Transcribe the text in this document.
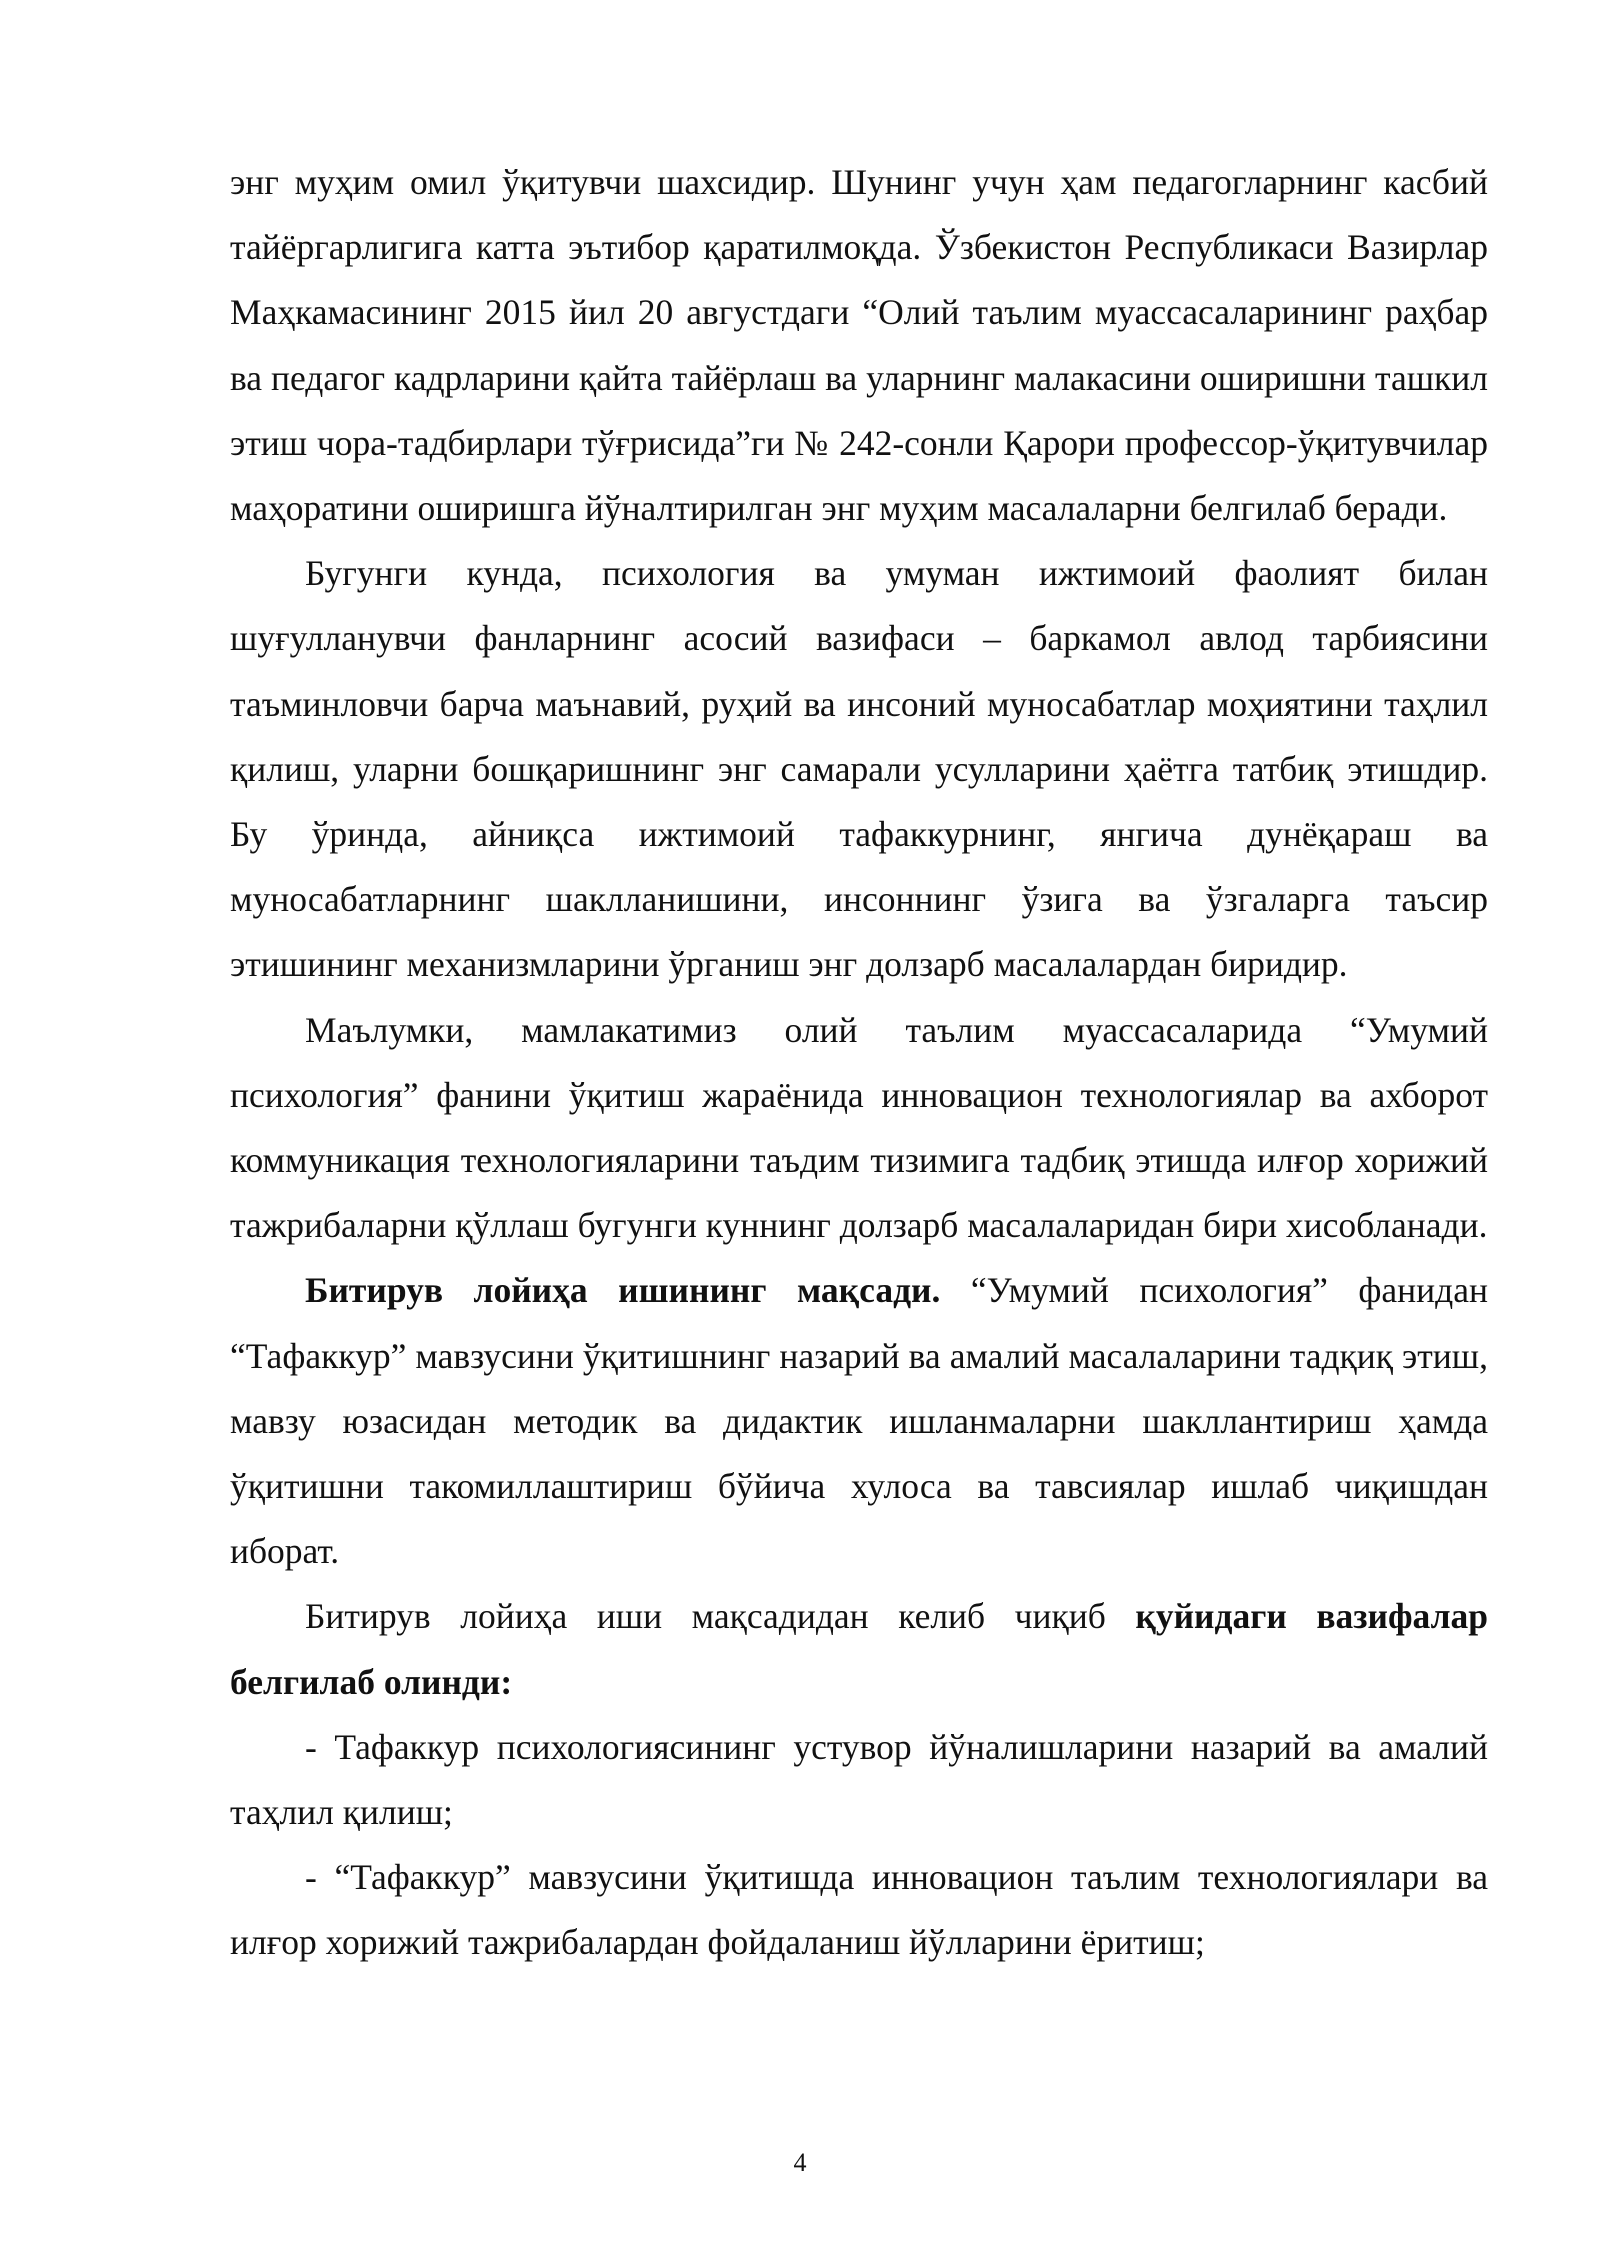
энг муҳим омил ўқитувчи шахсидир. Шунинг учун ҳам педагогларнинг касбий тайёргарлигига катта эътибор қаратилмоқда. Ўзбекистон Республикаси Вазирлар Маҳкамасининг 2015 йил 20 августдаги “Олий таълим муассасаларининг раҳбар ва педагог кадрларини қайта тайёрлаш ва уларнинг малакасини оширишни ташкил этиш чора-тадбирлари тўғрисида”ги № 242-сонли Қарори профессор-ўқитувчилар маҳоратини оширишга йўналтирилган энг муҳим масалаларни белгилаб беради.

Бугунги кунда, психология ва умуман ижтимоий фаолият билан шуғулланувчи фанларнинг асосий вазифаси – баркамол авлод тарбиясини таъминловчи барча маънавий, руҳий ва инсоний муносабатлар моҳиятини таҳлил қилиш, уларни бошқаришнинг энг самарали усулларини ҳаётга татбиқ этишдир. Бу ўринда, айниқса ижтимоий тафаккурнинг, янгича дунёқараш ва муносабатларнинг шаклланишини, инсоннинг ўзига ва ўзгаларга таъсир этишининг механизмларини ўрганиш энг долзарб масалалардан биридир.

Маълумки, мамлакатимиз олий таълим муассасаларида “Умумий психология” фанини ўқитиш жараёнида инновацион технологиялар ва ахборот коммуникация технологияларини таъдим тизимига тадбиқ этишда илғор хорижий тажрибаларни қўллаш бугунги куннинг долзарб масалаларидан бири хисобланади.

Битирув лойиҳа ишининг мақсади. “Умумий психология” фанидан “Тафаккур” мавзусини ўқитишнинг назарий ва амалий масалаларини тадқиқ этиш, мавзу юзасидан методик ва дидактик ишланмаларни шакллантириш ҳамда ўқитишни такомиллаштириш бўйича хулоса ва тавсиялар ишлаб чиқишдан иборат.

Битирув лойиҳа иши мақсадидан келиб чиқиб қуйидаги вазифалар белгилаб олинди:

- Тафаккур психологиясининг устувор йўналишларини назарий ва амалий таҳлил қилиш;

- “Тафаккур” мавзусини ўқитишда инновацион таълим технологиялари ва илғор хорижий тажрибалардан фойдаланиш йўлларини ёритиш;

4
